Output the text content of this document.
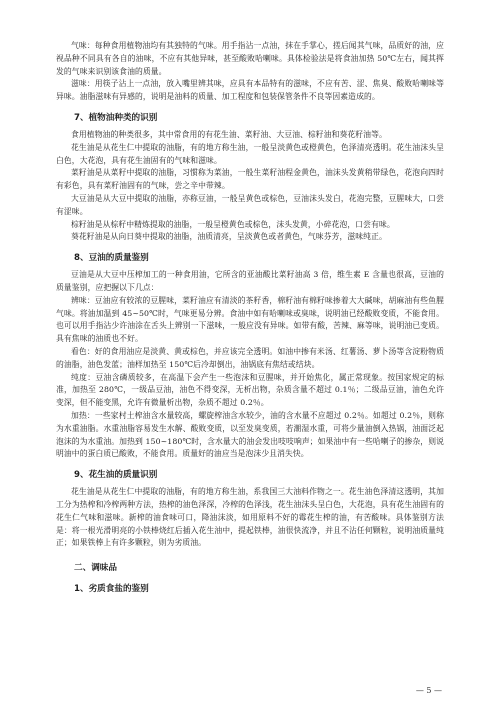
气味：每种食用植物油均有其独特的气味。用手指沾一点油，抹在手掌心，搓后闻其气味，品质好的油，应视品种不同具有各自的油味，不应有其他异味，甚至酸败哈喇味。具体检验法是将食油加热 50℃左右，闻其挥发的气味来识别该食油的质量。

滋味：用筷子沾上一点油，放入嘴里辨其味，应具有本品特有的滋味，不应有苦、涩、焦臭、酸败哈喇味等异味。油脂滋味有异感的，说明是油料的质量、加工程度和包装保管条件不良等因素造成的。

7、植物油种类的识别

食用植物油的种类很多，其中常食用的有花生油、菜籽油、大豆油、棕籽油和葵花籽油等。

花生油是从花生仁中提取的油脂，有的地方称生油，一般呈淡黄色或橙黄色，色泽清亮透明。花生油沫头呈白色，大花泡，具有花生油固有的气味和滋味。

菜籽油是从菜籽中提取的油脂，习惯称为菜油，一般生菜籽油程金黄色，油沫头发黄稍带绿色，花泡向四时有彩色，具有菜籽油固有的气味，尝之辛中带辣。

大豆油是从大豆中提取的油脂，亦称豆油，一般呈黄色或棕色，豆油沫头发白，花泡完整，豆腥味大，口尝有涩味。

棕籽油是从棕籽中精炼提取的油脂，一般呈橙黄色或棕色，沫头发黄，小碎花泡，口尝有味。

葵花籽油是从向日葵中提取的油脂，油质清亮，呈淡黄色或者黄色，气味芬芳，滋味纯正。

8、豆油的质量鉴别

豆油是从大豆中压榨加工的一种食用油，它所含的亚油酸比菜籽油高 3 倍，维生素 E 含量也很高，豆油的质量鉴别，应把握以下几点：

辨味：豆油应有较浓的豆腥味，菜籽油应有清淡的茶籽香，棉籽油有棉籽味掺着大大碱味，胡麻油有些鱼腥气味。将油加温到 45~50℃时，气味更易分辨。食油中如有哈喇味或臭味，说明油已经酸败变质，不能食用。也可以用手指沾少许油涂在舌头上辨别一下滋味，一般应没有异味。如带有酸，苦辣、麻等味，说明油已变质。具有焦味的油质也不好。

看色：好的食用油应是淡黄、黄或棕色，并应该完全透明。如油中掺有米汤、红薯汤、萝卜汤等含淀粉物质的油脂，油色发蓝；油样加热至 150℃后冷却倒出，油锅底有焦结或结块。

纯度：豆油含磷质较多，在高温下会产生一些泡沫和豆腥味，并开始焦化，属正常现象。按国家规定的标准，加热至 280℃，一级品豆油，油色不得变深，无析出物，杂质含量不超过 0.1％；二级品豆油，油色允许变深，但不能变黑，允许有微量析出物，杂质不超过 0.2％。

加热：一些家村土榨油含水量较高，螺旋榨油含水较少，油的含水量不应超过 0.2％。如超过 0.2％，则称为水重油脂。水重油脂容易发生水解、酸败变质，以至发臭变质，若潮湿水重，可将少量油倒入热锅，油面泛起泡沫的为水重油。加热到 150~180℃时，含水量大的油会发出吱吱响声；如果油中有一些哈喇子的掺杂，则说明油中的蛋白质已酸败，不能食用。质量好的油应当是泡沫少且消失快。

9、花生油的质量识别

花生油是从花生仁中提取的油脂，有的地方称生油，系我国三大油料作物之一。花生油色泽清这透明，其加工分为热榨和冷榨两种方法，热榨的油色泽深，冷榨的色泽浅，花生油沫头呈白色，大花泡，具有花生油固有的花生仁气味和滋味。新榨的油食味可口，降油沫淡，如用原料不好的霉花生榨的油，有苦酸味。具体鉴别方法是：将一根光滑明亮的小铁棒烧红后插入花生油中，提起铁棒，油很快流净，并且不沾任何颗粒，说明油质量纯正；如果铁棒上有许多颗粒，则为劣质油。

二、调味品
1、劣质食盐的鉴别
— 5 —
